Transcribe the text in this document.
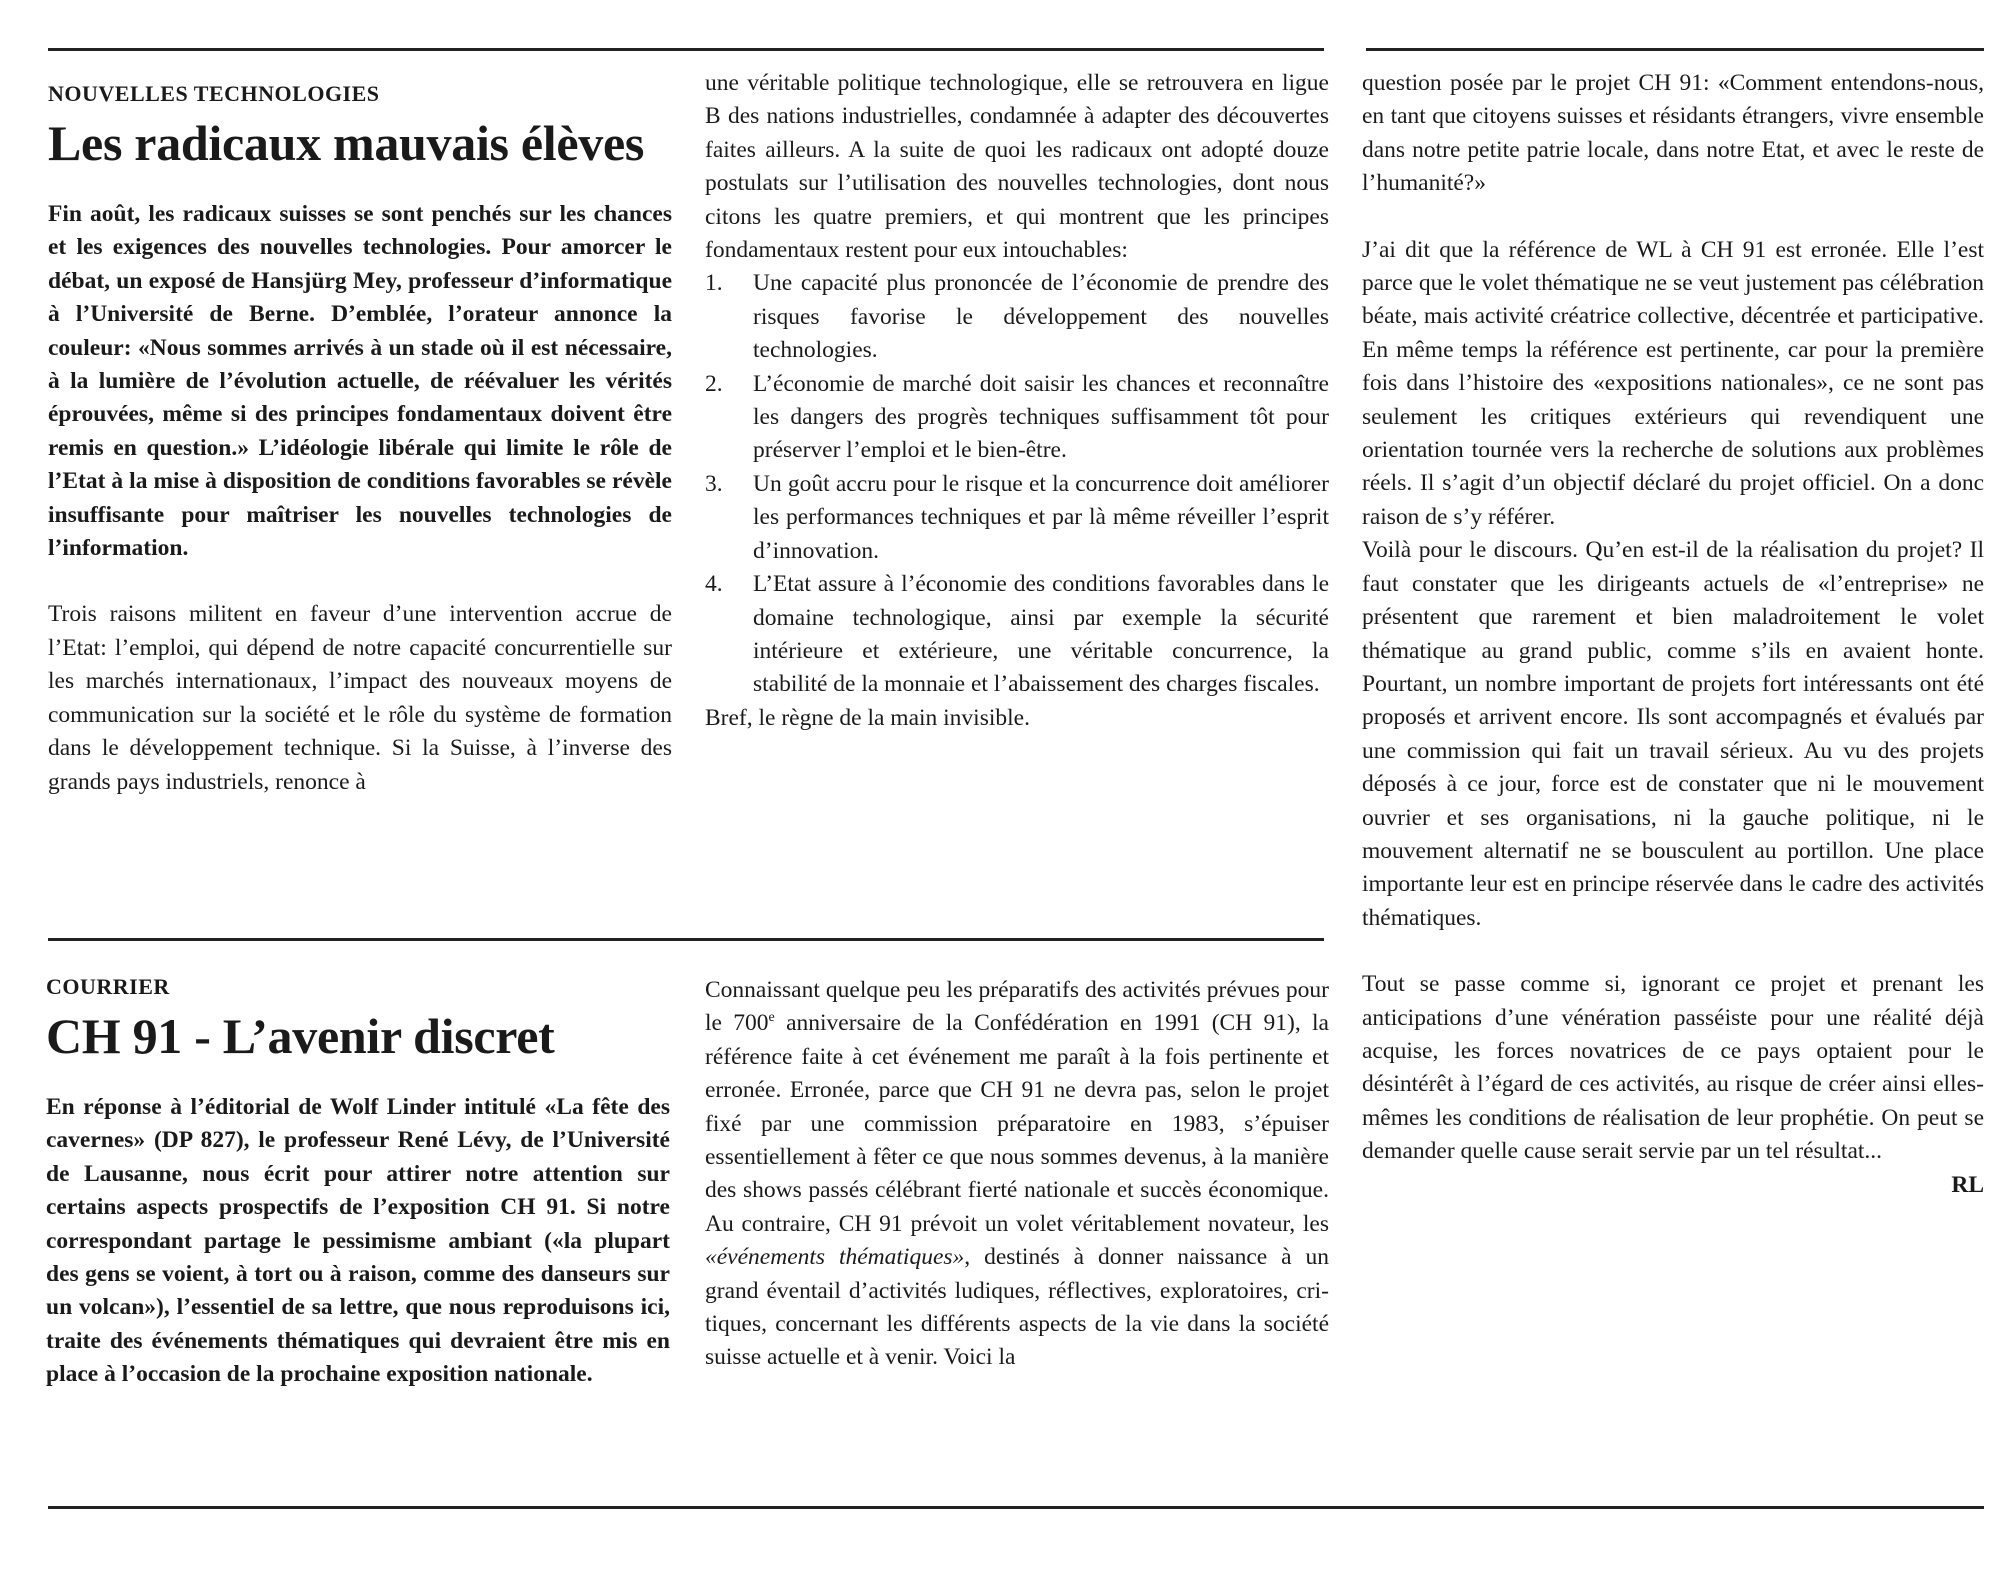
NOUVELLES TECHNOLOGIES
Les radicaux mauvais élèves

Fin août, les radicaux suisses se sont penchés sur les chances et les exigences des nouvelles technologies. Pour amorcer le débat, un exposé de Hansjürg Mey, professeur d’informatique à l’Université de Berne. D’emblée, l’orateur annonce la couleur: «Nous sommes arrivés à un stade où il est nécessaire, à la lumière de l’évolution actuelle, de réévaluer les vérités éprouvées, même si des principes fondamentaux doivent être remis en question.» L’idéologie libérale qui limite le rôle de l’Etat à la mise à disposition de conditions favorables se révèle insuffisante pour maîtriser les nouvelles technologies de l’information.

Trois raisons militent en faveur d’une intervention accrue de l’Etat: l’emploi, qui dépend de notre capacité concurrentielle sur les marchés internationaux, l’impact des nouveaux moyens de communication sur la société et le rôle du système de formation dans le développement technique. Si la Suisse, à l’inverse des grands pays industriels, renonce à

une véritable politique technologique, elle se retrouvera en ligue B des nations industrielles, condamnée à adapter des découvertes faites ailleurs. A la suite de quoi les radicaux ont adopté douze postulats sur l’utilisation des nouvelles technologies, dont nous citons les quatre premiers, et qui montrent que les principes fondamentaux restent pour eux intouchables:

1. Une capacité plus prononcée de l’économie de prendre des risques favorise le développement des nouvelles technologies.
2. L’économie de marché doit saisir les chances et reconnaître les dangers des progrès techniques suffisamment tôt pour préserver l’emploi et le bien-être.
3. Un goût accru pour le risque et la concurrence doit améliorer les performances techniques et par là même réveiller l’esprit d’innovation.
4. L’Etat assure à l’économie des conditions favorables dans le domaine technologique, ainsi par exemple la sécurité intérieure et extérieure, une véritable concurrence, la stabilité de la monnaie et l’abaissement des charges fiscales.

Bref, le règne de la main invisible.

COURRIER
CH 91 - L’avenir discret

En réponse à l’éditorial de Wolf Linder intitulé «La fête des cavernes» (DP 827), le professeur René Lévy, de l’Université de Lausanne, nous écrit pour attirer notre attention sur certains aspects prospectifs de l’exposition CH 91. Si notre correspondant partage le pessimisme ambiant («la plupart des gens se voient, à tort ou à raison, comme des danseurs sur un volcan»), l’essentiel de sa lettre, que nous reproduisons ici, traite des événements thématiques qui devraient être mis en place à l’occasion de la prochaine exposition nationale.

Connaissant quelque peu les préparatifs des activités prévues pour le 700e anniversaire de la Confédération en 1991 (CH 91), la référence faite à cet événement me paraît à la fois pertinente et erronée. Erronée, parce que CH 91 ne devra pas, selon le projet fixé par une commission préparatoire en 1983, s’épuiser essentiellement à fêter ce que nous sommes devenus, à la manière des shows passés célébrant fierté nationale et succès économique. Au contraire, CH 91 prévoit un volet véritablement novateur, les «événements thématiques», destinés à donner naissance à un grand éventail d’activités ludiques, réflectives, exploratoires, critiques, concernant les différents aspects de la vie dans la société suisse actuelle et à venir. Voici la

question posée par le projet CH 91: «Comment entendons-nous, en tant que citoyens suisses et résidants étrangers, vivre ensemble dans notre petite patrie locale, dans notre Etat, et avec le reste de l’humanité?»

J’ai dit que la référence de WL à CH 91 est erronée. Elle l’est parce que le volet thématique ne se veut justement pas célébration béate, mais activité créatrice collective, décentrée et participative. En même temps la référence est pertinente, car pour la première fois dans l’histoire des «expositions nationales», ce ne sont pas seulement les critiques extérieurs qui revendiquent une orientation tournée vers la recherche de solutions aux problèmes réels. Il s’agit d’un objectif déclaré du projet officiel. On a donc raison de s’y référer.

Voilà pour le discours. Qu’en est-il de la réalisation du projet? Il faut constater que les dirigeants actuels de «l’entreprise» ne présentent que rarement et bien maladroitement le volet thématique au grand public, comme s’ils en avaient honte. Pourtant, un nombre important de projets fort intéressants ont été proposés et arrivent encore. Ils sont accompagnés et évalués par une commission qui fait un travail sérieux. Au vu des projets déposés à ce jour, force est de constater que ni le mouvement ouvrier et ses organisations, ni la gauche politique, ni le mouvement alternatif ne se bousculent au portillon. Une place importante leur est en principe réservée dans le cadre des activités thématiques.

Tout se passe comme si, ignorant ce projet et prenant les anticipations d’une vénération passéiste pour une réalité déjà acquise, les forces novatrices de ce pays optaient pour le désintérêt à l’égard de ces activités, au risque de créer ainsi elles-mêmes les conditions de réalisation de leur prophétie. On peut se demander quelle cause serait servie par un tel résultat...

RL
